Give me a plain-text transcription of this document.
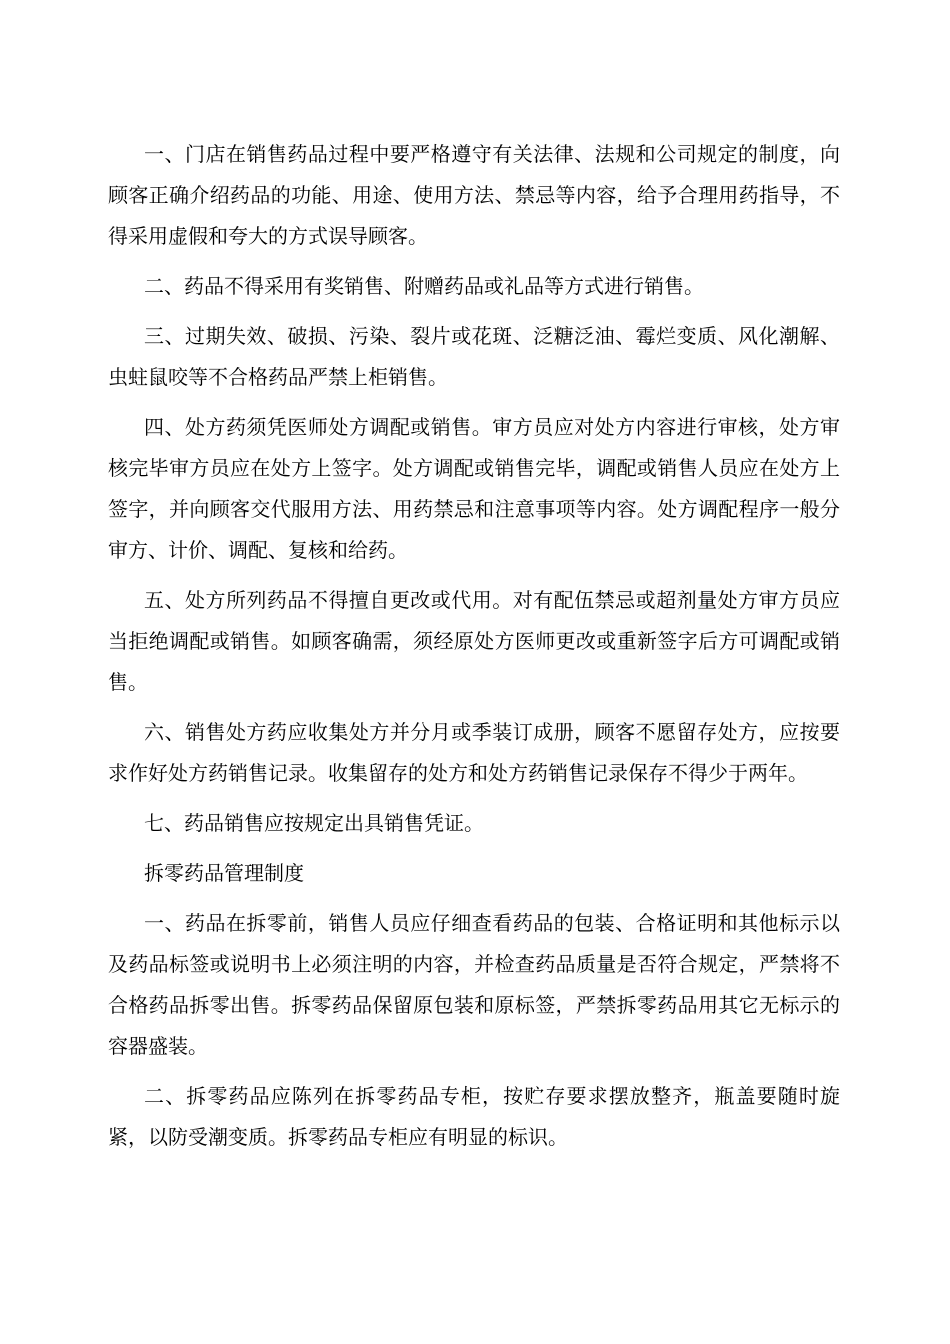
一、门店在销售药品过程中要严格遵守有关法律、法规和公司规定的制度，向顾客正确介绍药品的功能、用途、使用方法、禁忌等内容，给予合理用药指导，不得采用虚假和夸大的方式误导顾客。

二、药品不得采用有奖销售、附赠药品或礼品等方式进行销售。

三、过期失效、破损、污染、裂片或花斑、泛糖泛油、霉烂变质、风化潮解、虫蛀鼠咬等不合格药品严禁上柜销售。

四、处方药须凭医师处方调配或销售。审方员应对处方内容进行审核，处方审核完毕审方员应在处方上签字。处方调配或销售完毕，调配或销售人员应在处方上签字，并向顾客交代服用方法、用药禁忌和注意事项等内容。处方调配程序一般分审方、计价、调配、复核和给药。

五、处方所列药品不得擅自更改或代用。对有配伍禁忌或超剂量处方审方员应当拒绝调配或销售。如顾客确需，须经原处方医师更改或重新签字后方可调配或销售。

六、销售处方药应收集处方并分月或季装订成册，顾客不愿留存处方，应按要求作好处方药销售记录。收集留存的处方和处方药销售记录保存不得少于两年。

七、药品销售应按规定出具销售凭证。

拆零药品管理制度

一、药品在拆零前，销售人员应仔细查看药品的包装、合格证明和其他标示以及药品标签或说明书上必须注明的内容，并检查药品质量是否符合规定，严禁将不合格药品拆零出售。拆零药品保留原包装和原标签，严禁拆零药品用其它无标示的容器盛装。

二、拆零药品应陈列在拆零药品专柜，按贮存要求摆放整齐，瓶盖要随时旋紧，以防受潮变质。拆零药品专柜应有明显的标识。
